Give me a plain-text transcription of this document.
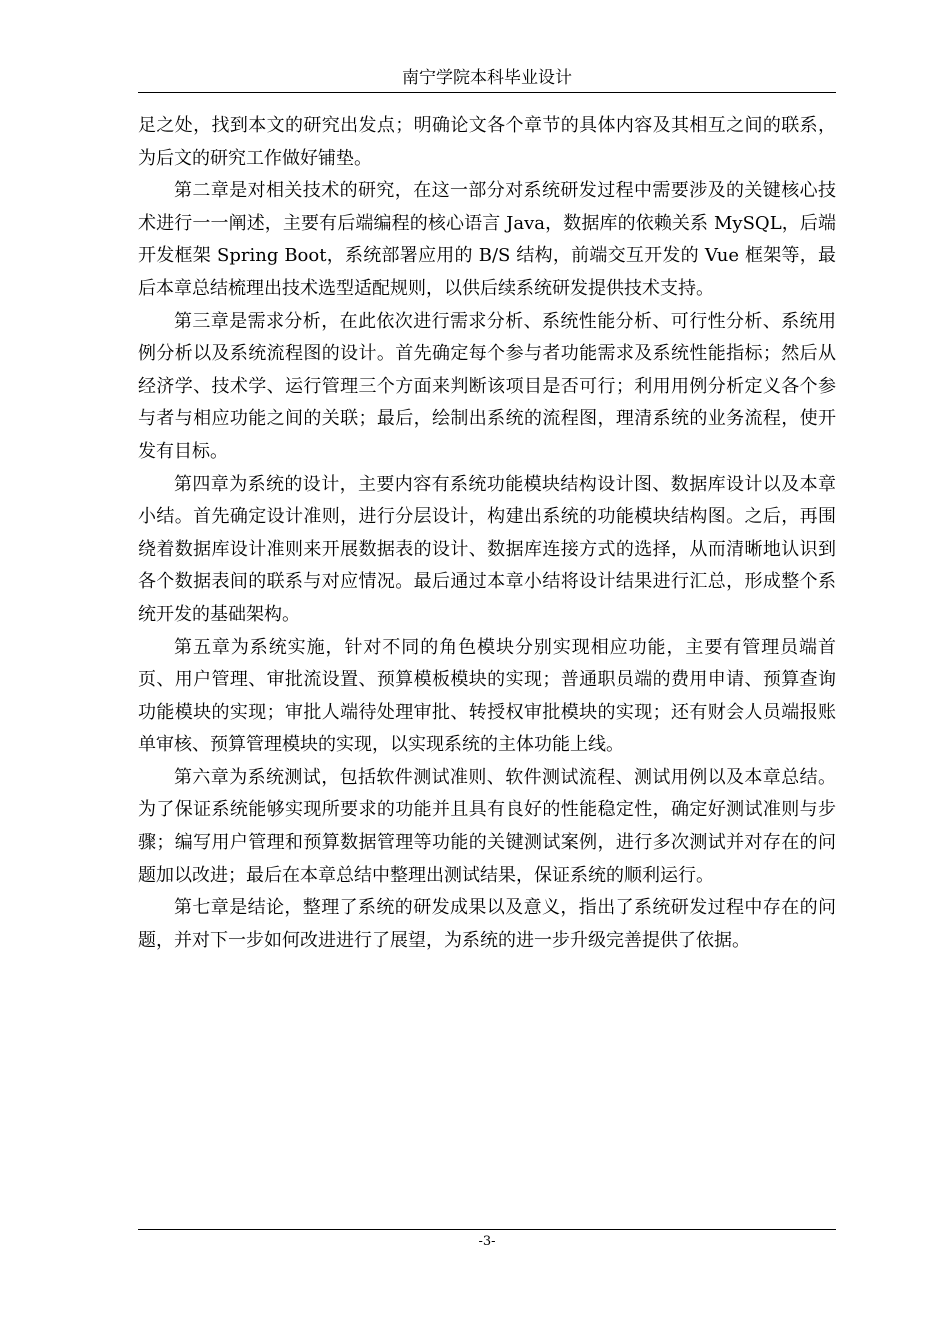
南宁学院本科毕业设计

足之处，找到本文的研究出发点；明确论文各个章节的具体内容及其相互之间的联系，为后文的研究工作做好铺垫。

第二章是对相关技术的研究，在这一部分对系统研发过程中需要涉及的关键核心技术进行一一阐述，主要有后端编程的核心语言 Java，数据库的依赖关系 MySQL，后端开发框架 Spring Boot，系统部署应用的 B/S 结构，前端交互开发的 Vue 框架等，最后本章总结梳理出技术选型适配规则，以供后续系统研发提供技术支持。

第三章是需求分析，在此依次进行需求分析、系统性能分析、可行性分析、系统用例分析以及系统流程图的设计。首先确定每个参与者功能需求及系统性能指标；然后从经济学、技术学、运行管理三个方面来判断该项目是否可行；利用用例分析定义各个参与者与相应功能之间的关联；最后，绘制出系统的流程图，理清系统的业务流程，使开发有目标。

第四章为系统的设计，主要内容有系统功能模块结构设计图、数据库设计以及本章小结。首先确定设计准则，进行分层设计，构建出系统的功能模块结构图。之后，再围绕着数据库设计准则来开展数据表的设计、数据库连接方式的选择，从而清晰地认识到各个数据表间的联系与对应情况。最后通过本章小结将设计结果进行汇总，形成整个系统开发的基础架构。

第五章为系统实施，针对不同的角色模块分别实现相应功能，主要有管理员端首页、用户管理、审批流设置、预算模板模块的实现；普通职员端的费用申请、预算查询功能模块的实现；审批人端待处理审批、转授权审批模块的实现；还有财会人员端报账单审核、预算管理模块的实现，以实现系统的主体功能上线。

第六章为系统测试，包括软件测试准则、软件测试流程、测试用例以及本章总结。为了保证系统能够实现所要求的功能并且具有良好的性能稳定性，确定好测试准则与步骤；编写用户管理和预算数据管理等功能的关键测试案例，进行多次测试并对存在的问题加以改进；最后在本章总结中整理出测试结果，保证系统的顺利运行。

第七章是结论，整理了系统的研发成果以及意义，指出了系统研发过程中存在的问题，并对下一步如何改进进行了展望，为系统的进一步升级完善提供了依据。

-3-
